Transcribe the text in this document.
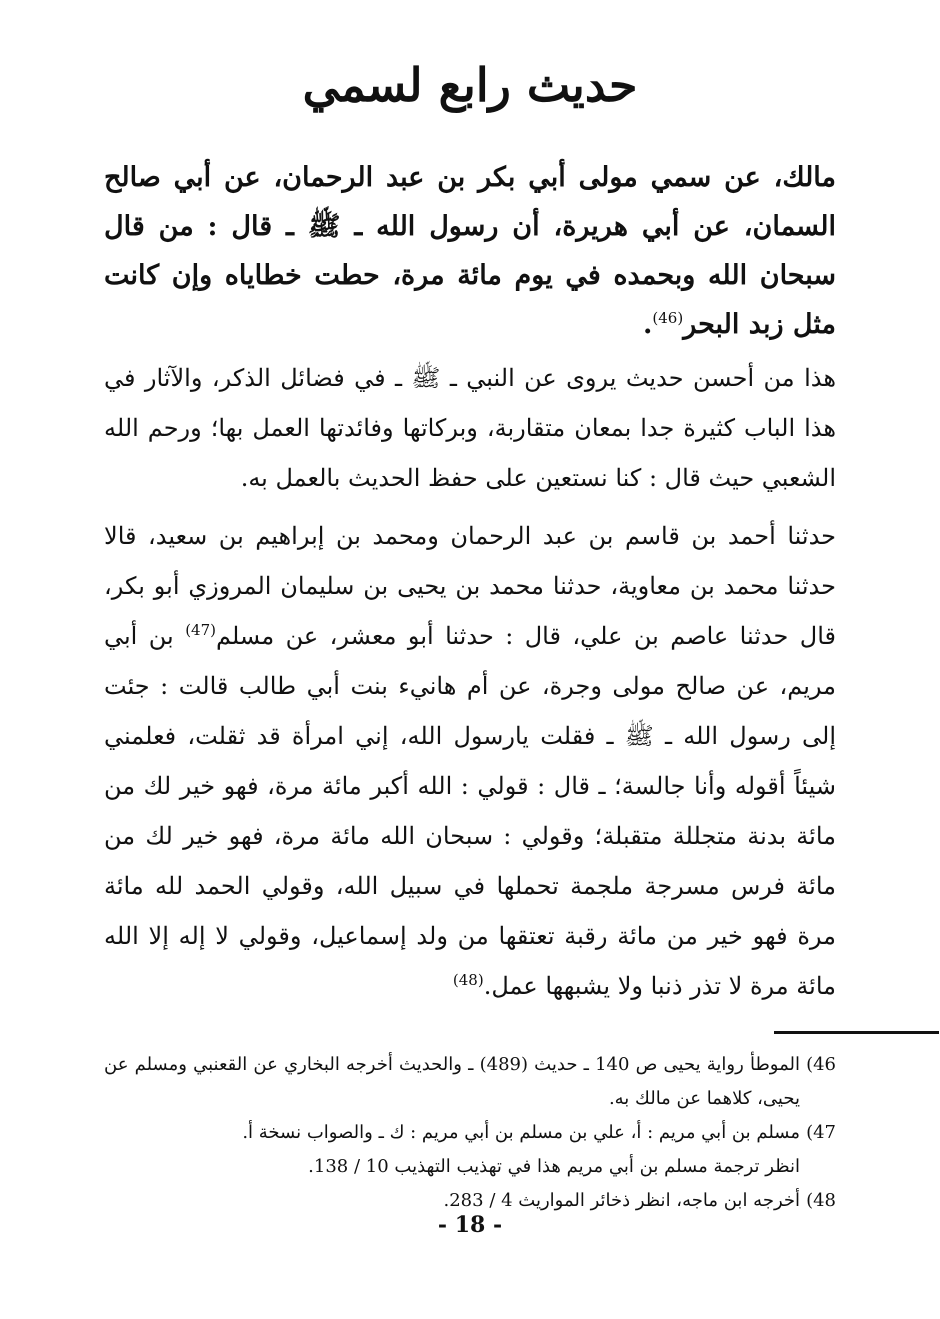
حديث رابع لسمي

مالك، عن سمي مولى أبي بكر بن عبد الرحمان، عن أبي صالح السمان، عن أبي هريرة، أن رسول الله ـ ﷺ ـ قال : من قال سبحان الله وبحمده في يوم مائة مرة، حطت خطاياه وإن كانت مثل زبد البحر$^{(46)}$.

هذا من أحسن حديث يروى عن النبي ـ ﷺ ـ في فضائل الذكر، والآثار في هذا الباب كثيرة جدا بمعان متقاربة، وبركاتها وفائدتها العمل بها؛ ورحم الله الشعبي حيث قال : كنا نستعين على حفظ الحديث بالعمل به.

حدثنا أحمد بن قاسم بن عبد الرحمان ومحمد بن إبراهيم بن سعيد، قالا حدثنا محمد بن معاوية، حدثنا محمد بن يحيى بن سليمان المروزي أبو بكر، قال حدثنا عاصم بن علي، قال : حدثنا أبو معشر، عن مسلم$^{(47)}$ بن أبي مريم، عن صالح مولى وجرة، عن أم هانيء بنت أبي طالب قالت : جئت إلى رسول الله ـ ﷺ ـ فقلت يارسول الله، إني امرأة قد ثقلت، فعلمني شيئاً أقوله وأنا جالسة؛ ـ قال : قولي : الله أكبر مائة مرة، فهو خير لك من مائة بدنة متجللة متقبلة؛ وقولي : سبحان الله مائة مرة، فهو خير لك من مائة فرس مسرجة ملجمة تحملها في سبيل الله، وقولي الحمد لله مائة مرة فهو خير من مائة رقبة تعتقها من ولد إسماعيل، وقولي لا إله إلا الله مائة مرة لا تذر ذنبا ولا يشبهها عمل.$^{(48)}$

46)
الموطأ رواية يحيى ص 140 ـ حديث (489) ـ والحديث أخرجه البخاري عن القعنبي ومسلم عن يحيى، كلاهما عن مالك به.
47)
مسلم بن أبي مريم : أ، علي بن مسلم بن أبي مريم : ك ـ والصواب نسخة أ.
انظر ترجمة مسلم بن أبي مريم هذا في تهذيب التهذيب 10 / 138.
48)
أخرجه ابن ماجه، انظر ذخائر المواريث 4 / 283.
- 18 -
